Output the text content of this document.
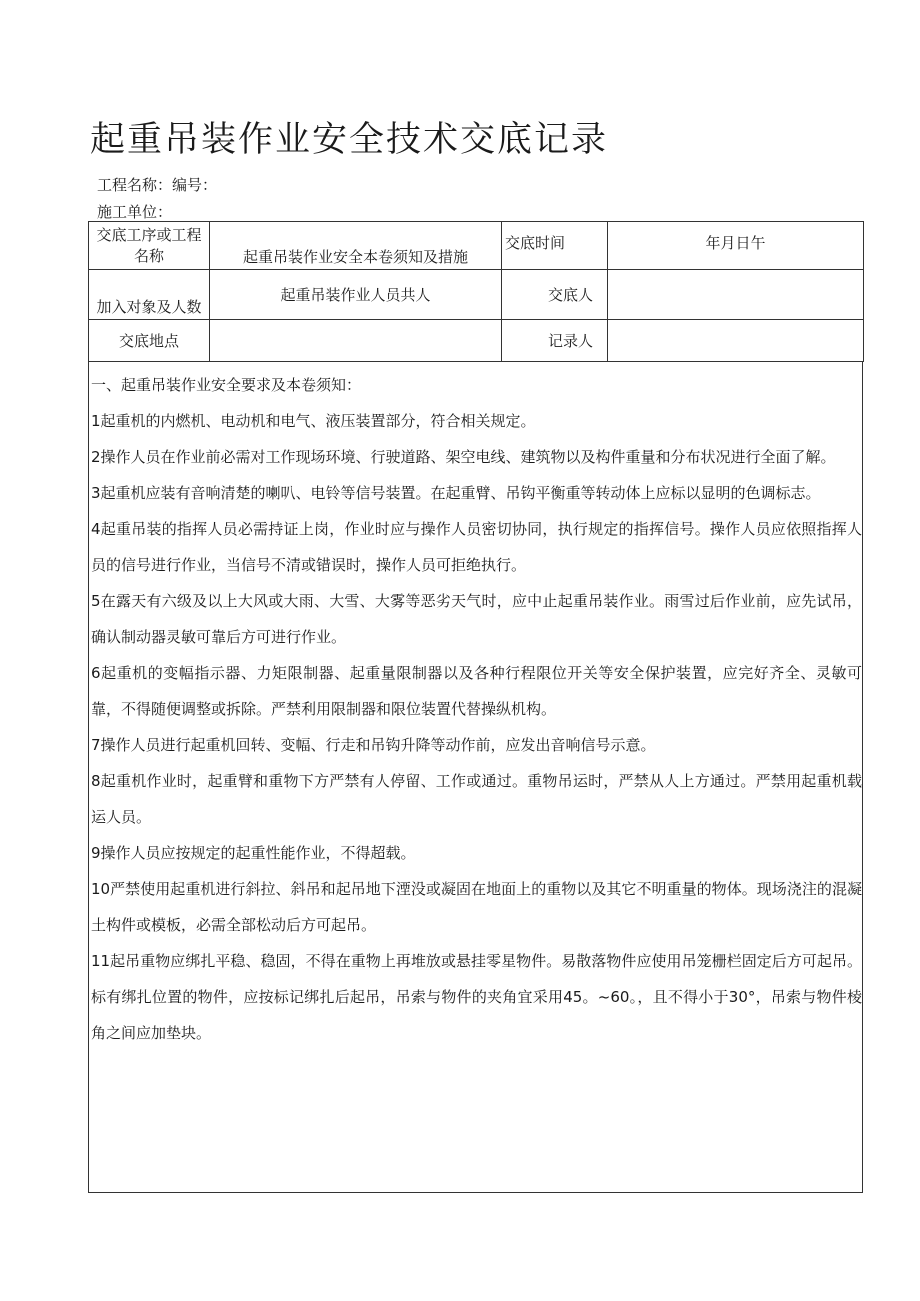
起重吊装作业安全技术交底记录
工程名称：编号：
施工单位：
交底工序或工程
名称	起重吊装作业安全本卷须知及措施	交底时间	年月日午
加入对象及人数	起重吊装作业人员共人	交底人	
交底地点		记录人	
一、起重吊装作业安全要求及本卷须知：
1起重机的内燃机、电动机和电气、液压装置部分，符合相关规定。
2操作人员在作业前必需对工作现场环境、行驶道路、架空电线、建筑物以及构件重量和分布状况进行全面了解。
3起重机应装有音响清楚的喇叭、电铃等信号装置。在起重臂、吊钩平衡重等转动体上应标以显明的色调标志。
4起重吊装的指挥人员必需持证上岗，作业时应与操作人员密切协同，执行规定的指挥信号。操作人员应依照指挥人员的信号进行作业，当信号不清或错误时，操作人员可拒绝执行。
5在露天有六级及以上大风或大雨、大雪、大雾等恶劣天气时，应中止起重吊装作业。雨雪过后作业前，应先试吊，确认制动器灵敏可靠后方可进行作业。
6起重机的变幅指示器、力矩限制器、起重量限制器以及各种行程限位开关等安全保护装置，应完好齐全、灵敏可靠，不得随便调整或拆除。严禁利用限制器和限位装置代替操纵机构。
7操作人员进行起重机回转、变幅、行走和吊钩升降等动作前，应发出音响信号示意。
8起重机作业时，起重臂和重物下方严禁有人停留、工作或通过。重物吊运时，严禁从人上方通过。严禁用起重机载运人员。
9操作人员应按规定的起重性能作业，不得超载。
10严禁使用起重机进行斜拉、斜吊和起吊地下湮没或凝固在地面上的重物以及其它不明重量的物体。现场浇注的混凝土构件或模板，必需全部松动后方可起吊。
11起吊重物应绑扎平稳、稳固，不得在重物上再堆放或悬挂零星物件。易散落物件应使用吊笼栅栏固定后方可起吊。标有绑扎位置的物件，应按标记绑扎后起吊，吊索与物件的夹角宜采用45。~60。，且不得小于30°，吊索与物件棱角之间应加垫块。
